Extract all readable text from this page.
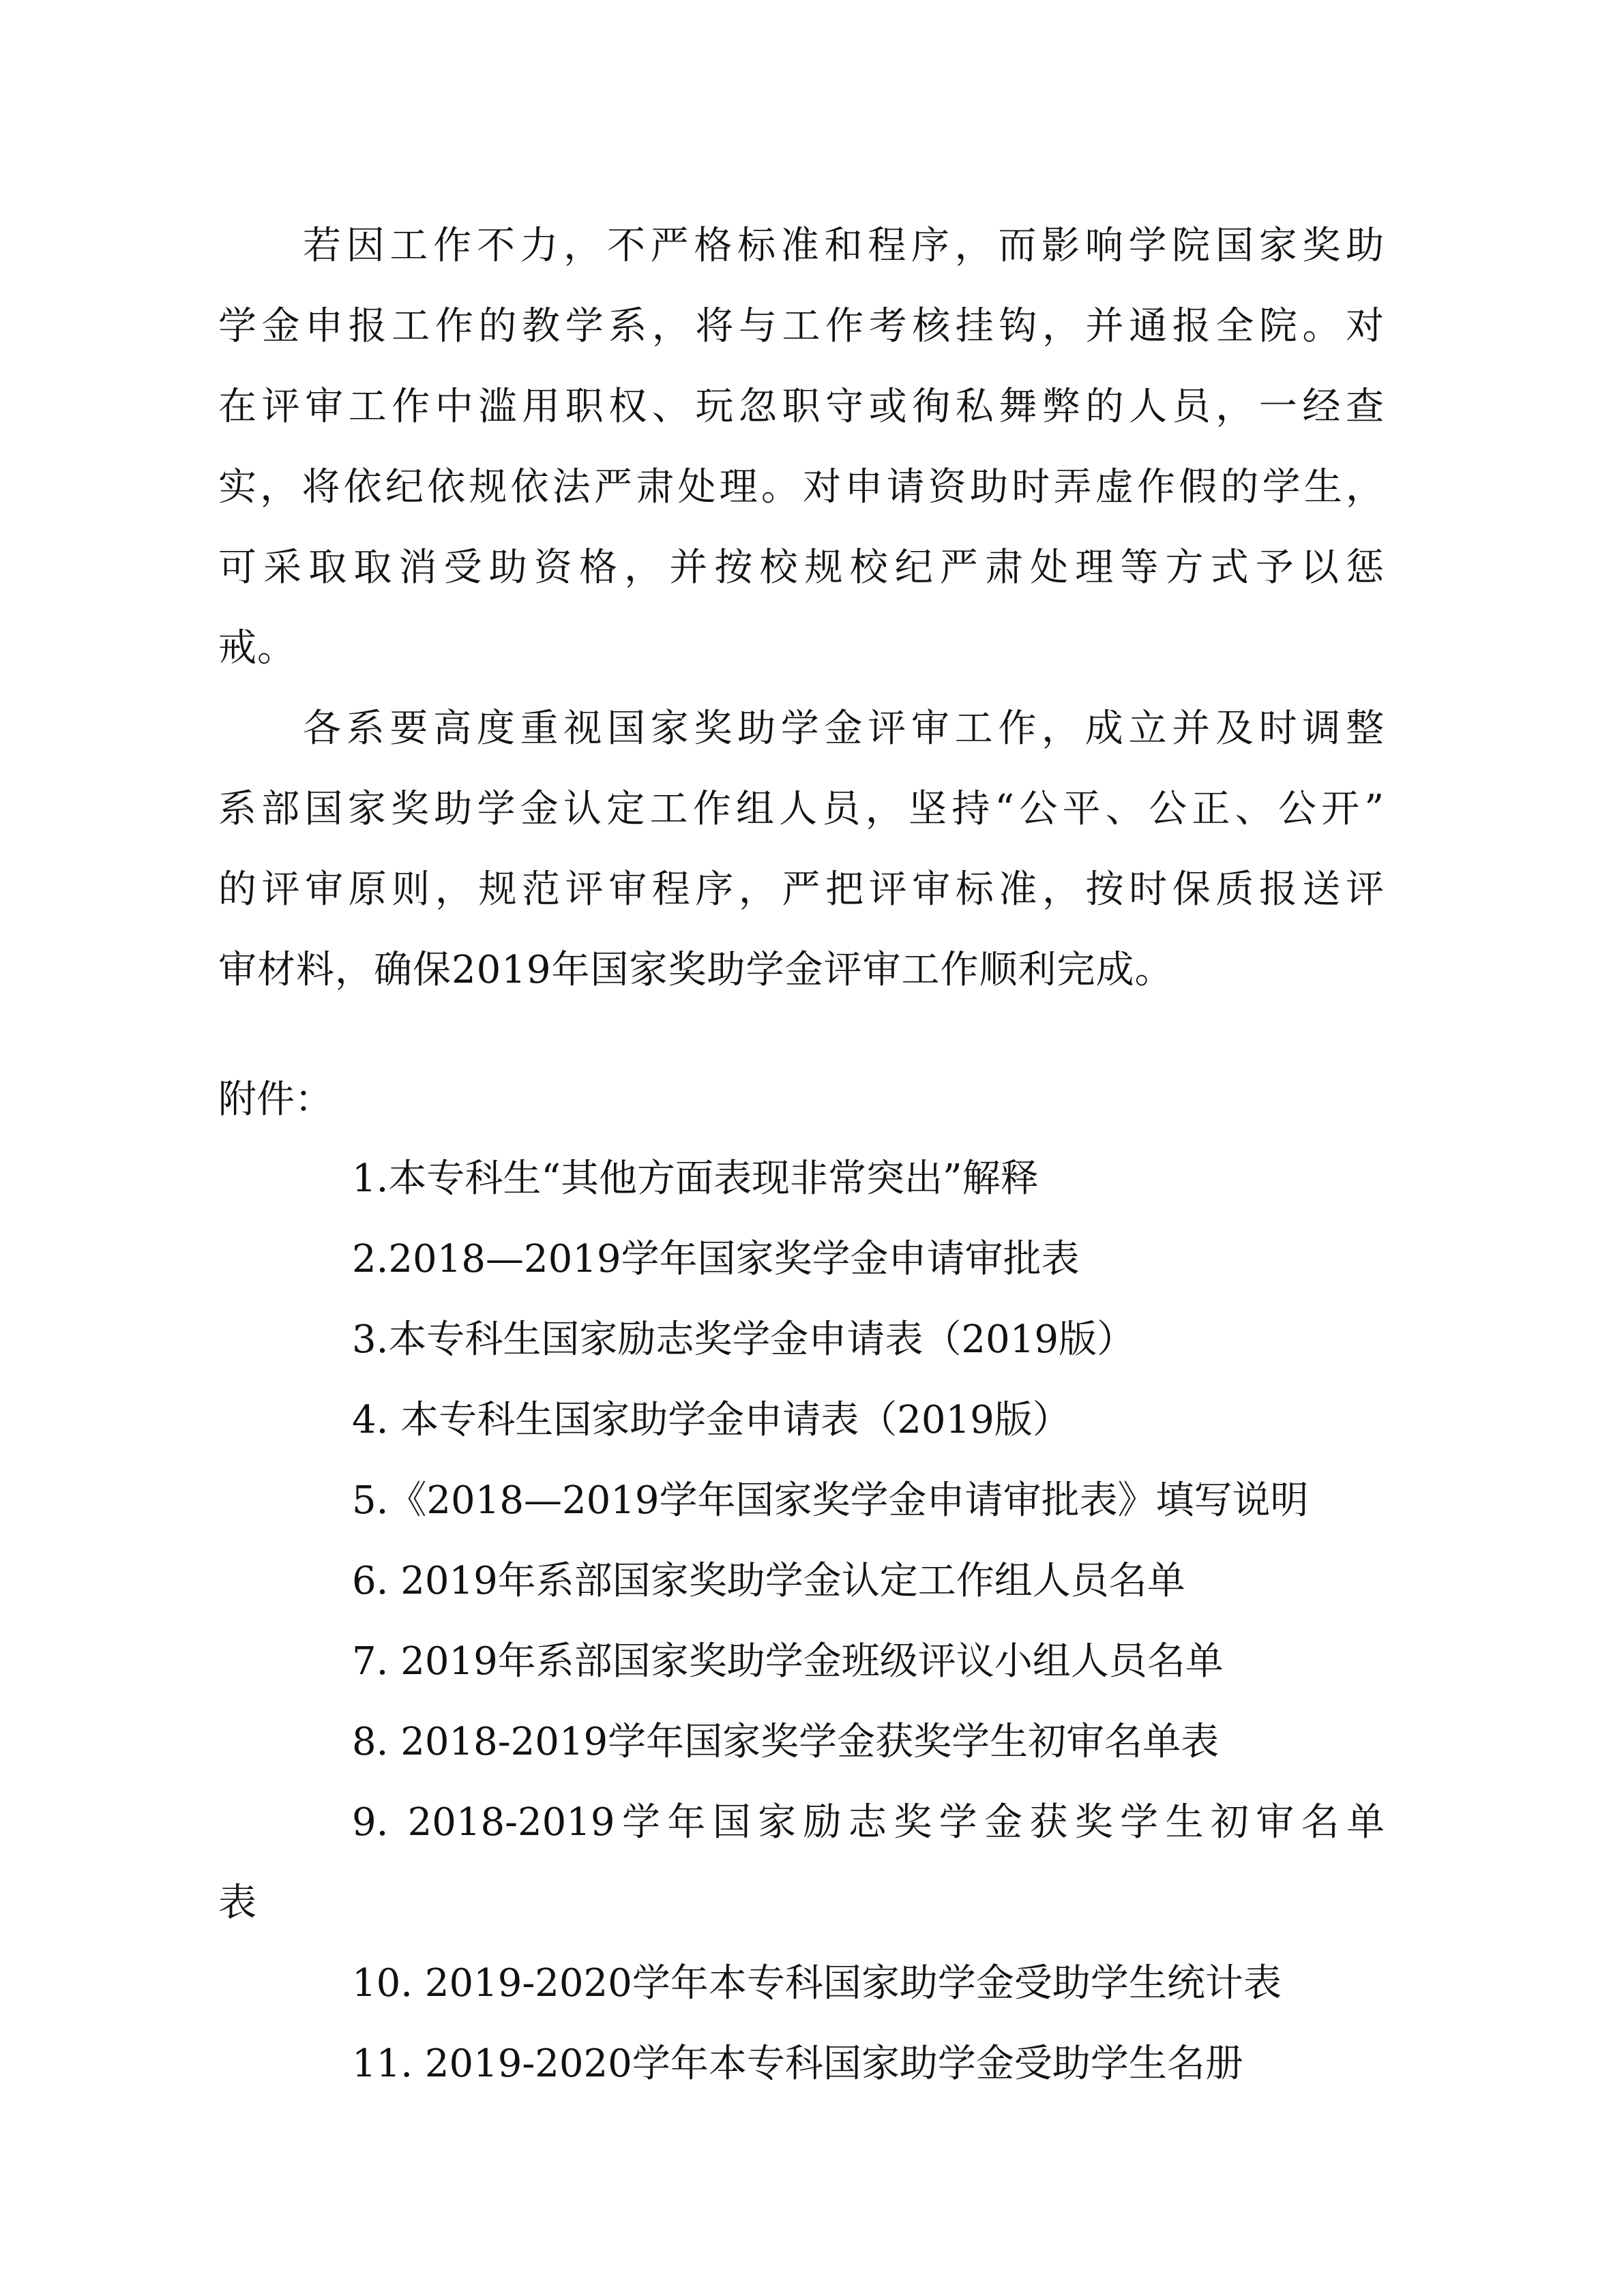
若因工作不力，不严格标准和程序，而影响学院国家奖助
学金申报工作的教学系，将与工作考核挂钩，并通报全院。对
在评审工作中滥用职权、玩忽职守或徇私舞弊的人员，一经查
实，将依纪依规依法严肃处理。对申请资助时弄虚作假的学生，
可采取取消受助资格，并按校规校纪严肃处理等方式予以惩
戒。
各系要高度重视国家奖助学金评审工作，成立并及时调整
系部国家奖助学金认定工作组人员，坚持“公平、公正、公开”
的评审原则，规范评审程序，严把评审标准，按时保质报送评
审材料，确保2019年国家奖助学金评审工作顺利完成。

附件：

1.本专科生“其他方面表现非常突出”解释
2.2018—2019学年国家奖学金申请审批表
3.本专科生国家励志奖学金申请表（2019版）
4. 本专科生国家助学金申请表（2019版）
5.《2018—2019学年国家奖学金申请审批表》填写说明
6. 2019年系部国家奖助学金认定工作组人员名单
7. 2019年系部国家奖助学金班级评议小组人员名单
8. 2018-2019学年国家奖学金获奖学生初审名单表
9. 2018-2019学年国家励志奖学金获奖学生初审名单
表
10. 2019-2020学年本专科国家助学金受助学生统计表
11. 2019-2020学年本专科国家助学金受助学生名册
